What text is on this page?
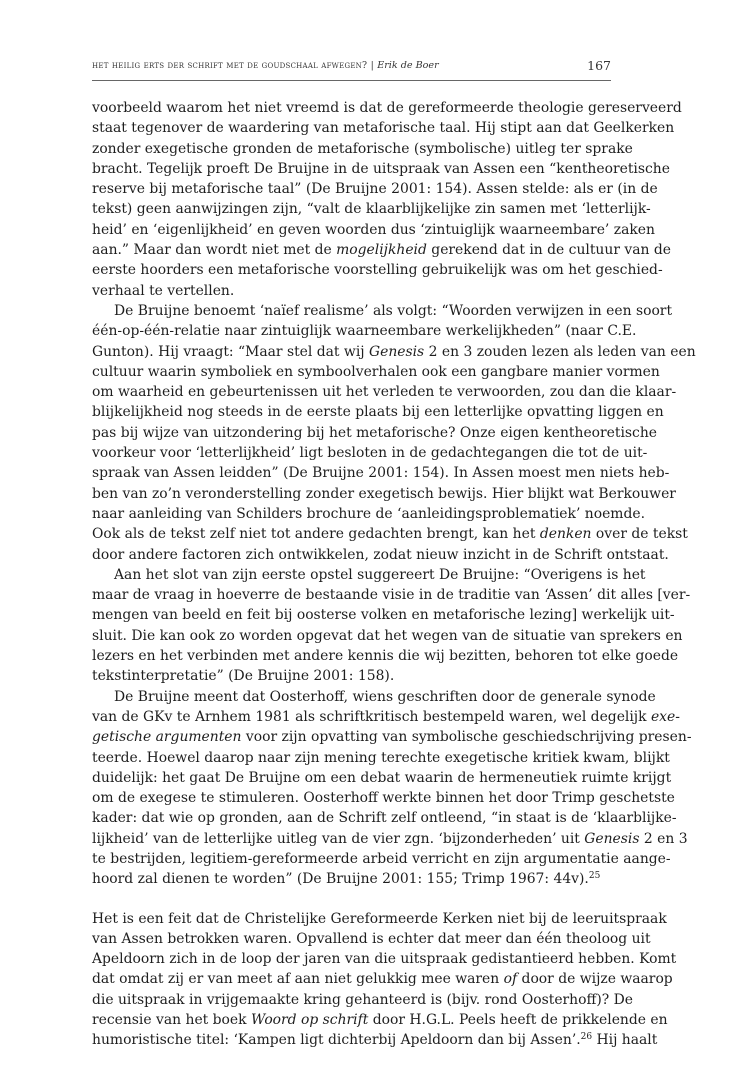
het heilig erts der schrift met de goudschaal afwegen? | Erik de Boer	167
voorbeeld waarom het niet vreemd is dat de gereformeerde theologie gereserveerd
staat tegenover de waardering van metaforische taal. Hij stipt aan dat Geelkerken
zonder exegetische gronden de metaforische (symbolische) uitleg ter sprake
bracht. Tegelijk proeft De Bruijne in de uitspraak van Assen een “kentheoretische
reserve bij metaforische taal” (De Bruijne 2001: 154). Assen stelde: als er (in de
tekst) geen aanwijzingen zijn, “valt de klaarblijkelijke zin samen met ‘letterlijk-
heid’ en ‘eigenlijkheid’ en geven woorden dus ‘zintuiglijk waarneembare’ zaken
aan.” Maar dan wordt niet met de mogelijkheid gerekend dat in de cultuur van de
eerste hoorders een metaforische voorstelling gebruikelijk was om het geschied-
verhaal te vertellen.
De Bruijne benoemt ‘naïef realisme’ als volgt: “Woorden verwijzen in een soort
één-op-één-relatie naar zintuiglijk waarneembare werkelijkheden” (naar C.E.
Gunton). Hij vraagt: “Maar stel dat wij Genesis 2 en 3 zouden lezen als leden van een
cultuur waarin symboliek en symboolverhalen ook een gangbare manier vormen
om waarheid en gebeurtenissen uit het verleden te verwoorden, zou dan die klaar-
blijkelijkheid nog steeds in de eerste plaats bij een letterlijke opvatting liggen en
pas bij wijze van uitzondering bij het metaforische? Onze eigen kentheoretische
voorkeur voor ‘letterlijkheid’ ligt besloten in de gedachtegangen die tot de uit-
spraak van Assen leidden” (De Bruijne 2001: 154). In Assen moest men niets heb-
ben van zo’n veronderstelling zonder exegetisch bewijs. Hier blijkt wat Berkouwer
naar aanleiding van Schilders brochure de ‘aanleidingsproblematiek’ noemde.
Ook als de tekst zelf niet tot andere gedachten brengt, kan het denken over de tekst
door andere factoren zich ontwikkelen, zodat nieuw inzicht in de Schrift ontstaat.
Aan het slot van zijn eerste opstel suggereert De Bruijne: “Overigens is het
maar de vraag in hoeverre de bestaande visie in de traditie van ‘Assen’ dit alles [ver-
mengen van beeld en feit bij oosterse volken en metaforische lezing] werkelijk uit-
sluit. Die kan ook zo worden opgevat dat het wegen van de situatie van sprekers en
lezers en het verbinden met andere kennis die wij bezitten, behoren tot elke goede
tekstinterpretatie” (De Bruijne 2001: 158).
De Bruijne meent dat Oosterhoff, wiens geschriften door de generale synode
van de GKv te Arnhem 1981 als schriftkritisch bestempeld waren, wel degelijk exe-
getische argumenten voor zijn opvatting van symbolische geschiedschrijving presen-
teerde. Hoewel daarop naar zijn mening terechte exegetische kritiek kwam, blijkt
duidelijk: het gaat De Bruijne om een debat waarin de hermeneutiek ruimte krijgt
om de exegese te stimuleren. Oosterhoff werkte binnen het door Trimp geschetste
kader: dat wie op gronden, aan de Schrift zelf ontleend, “in staat is de ‘klaarblijke-
lijkheid’ van de letterlijke uitleg van de vier zgn. ‘bijzonderheden’ uit Genesis 2 en 3
te bestrijden, legitiem-gereformeerde arbeid verricht en zijn argumentatie aange-
hoord zal dienen te worden” (De Bruijne 2001: 155; Trimp 1967: 44v).$^{25}$
Het is een feit dat de Christelijke Gereformeerde Kerken niet bij de leeruitspraak
van Assen betrokken waren. Opvallend is echter dat meer dan één theoloog uit
Apeldoorn zich in de loop der jaren van die uitspraak gedistantieerd hebben. Komt
dat omdat zij er van meet af aan niet gelukkig mee waren of door de wijze waarop
die uitspraak in vrijgemaakte kring gehanteerd is (bijv. rond Oosterhoff)? De
recensie van het boek Woord op schrift door H.G.L. Peels heeft de prikkelende en
humoristische titel: ‘Kampen ligt dichterbij Apeldoorn dan bij Assen’.$^{26}$ Hij haalt
